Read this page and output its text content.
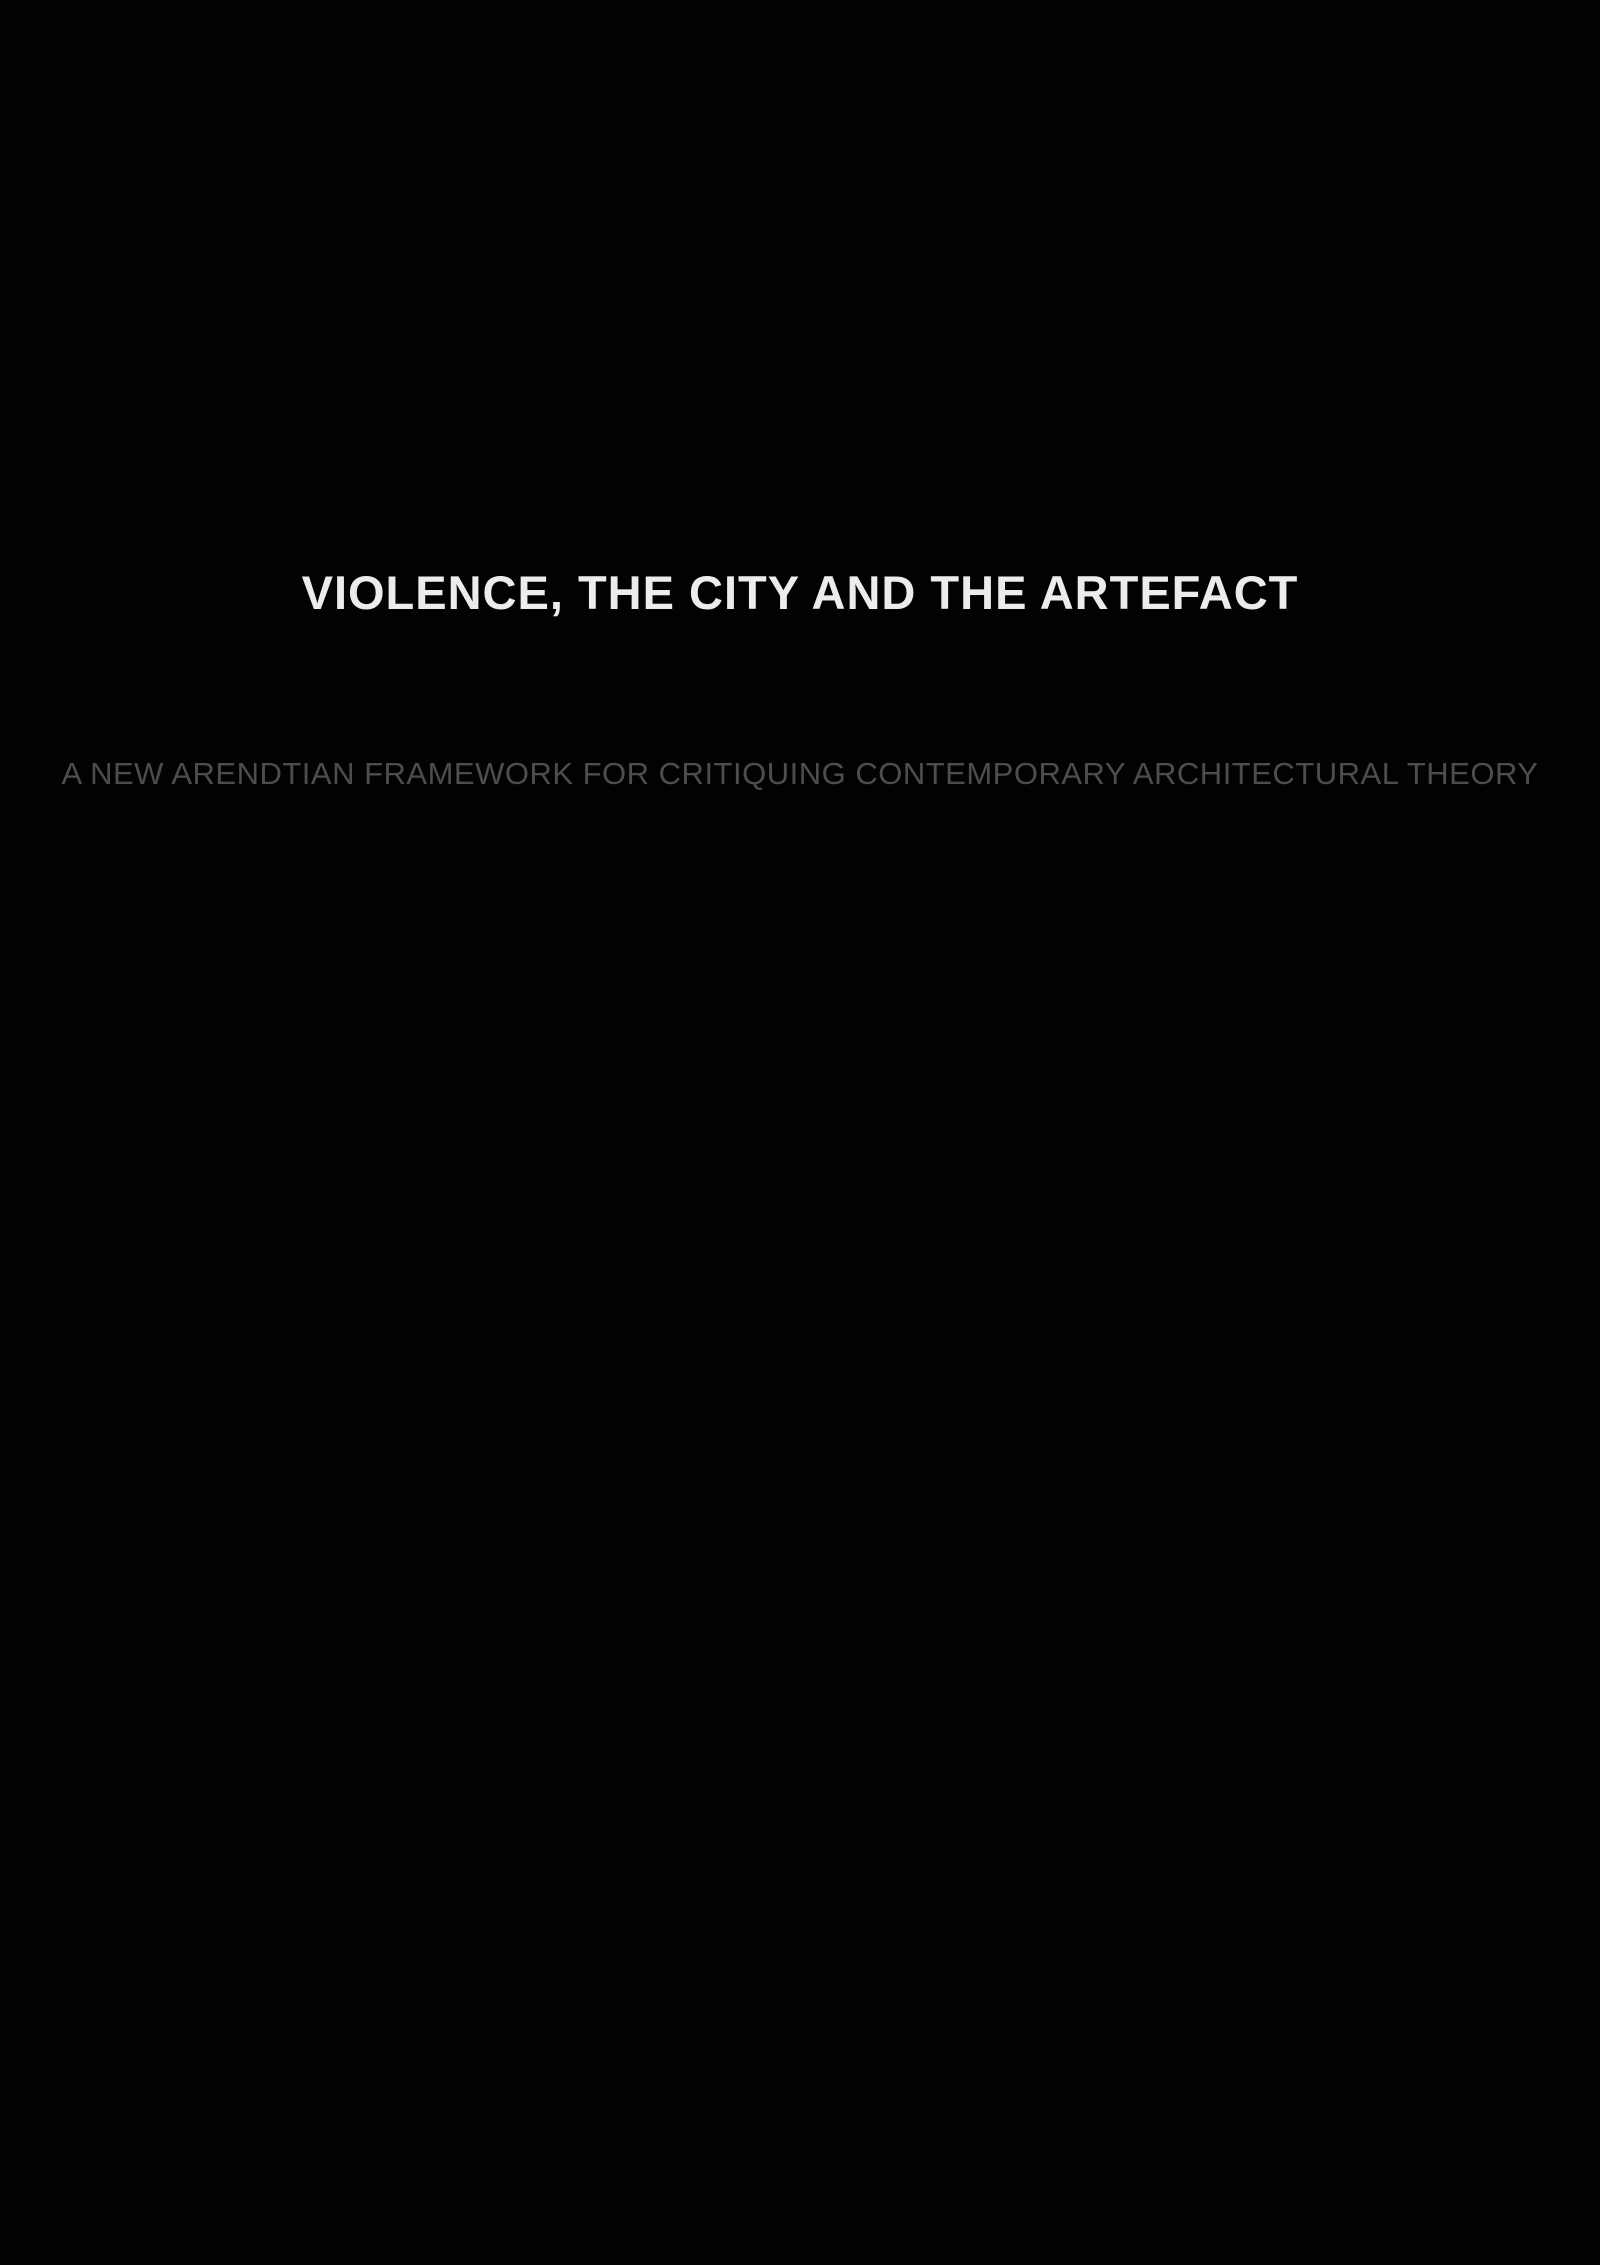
VIOLENCE, THE CITY AND THE ARTEFACT
A NEW ARENDTIAN FRAMEWORK FOR CRITIQUING CONTEMPORARY ARCHITECTURAL THEORY
